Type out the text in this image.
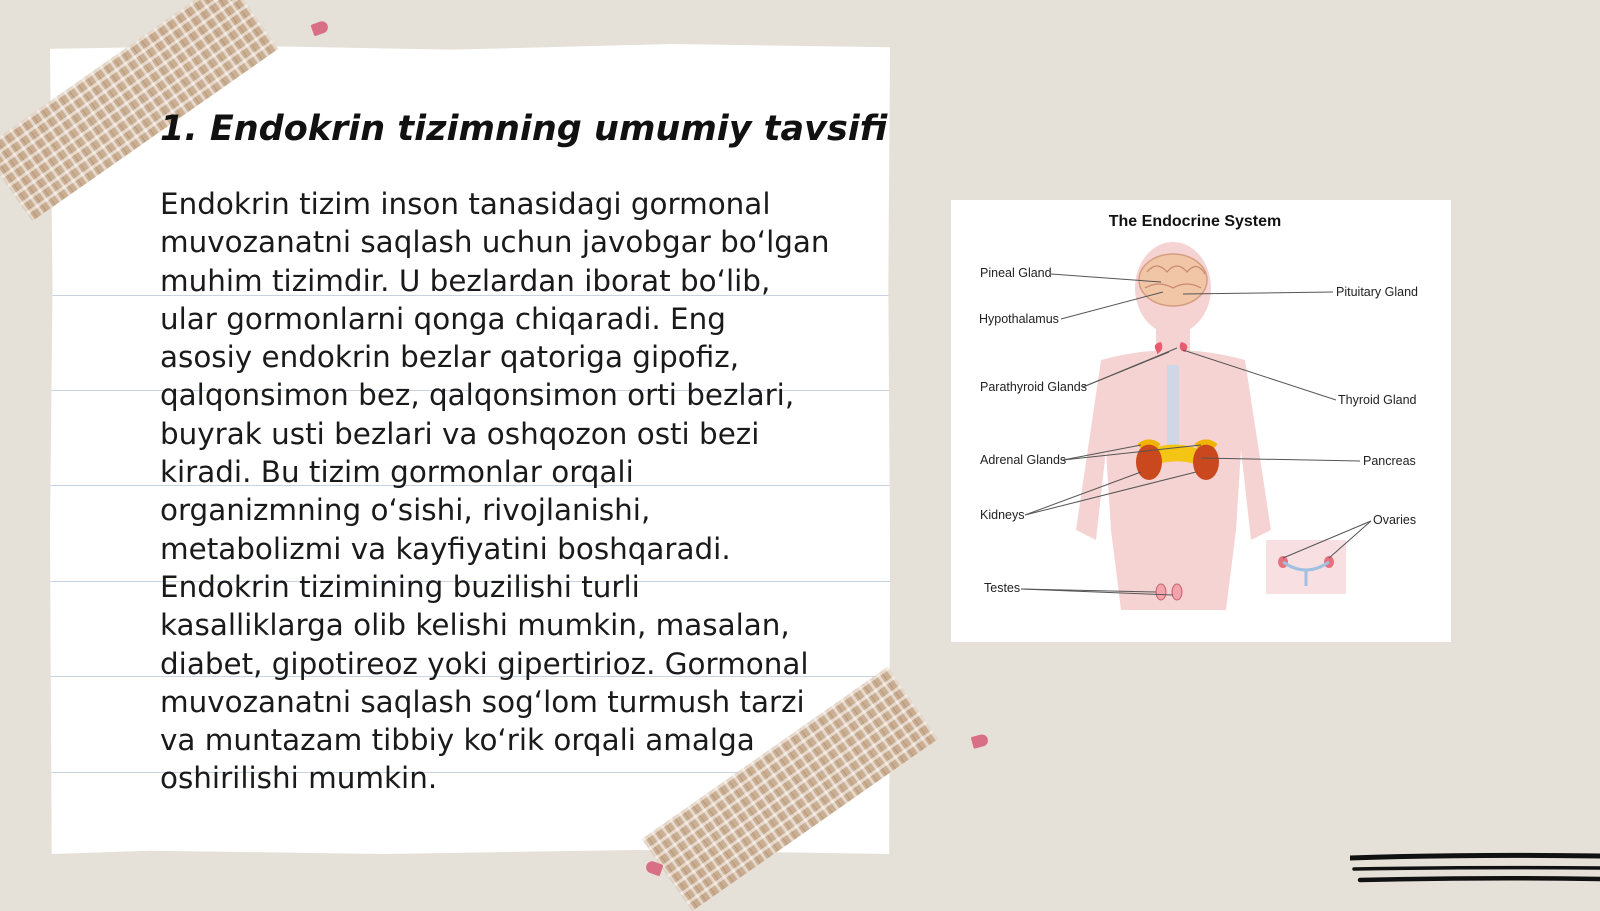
1. Endokrin tizimning umumiy tavsifi

Endokrin tizim inson tanasidagi gormonal
muvozanatni saqlash uchun javobgar bo‘lgan
muhim tizimdir. U bezlardan iborat bo‘lib,
ular gormonlarni qonga chiqaradi. Eng
asosiy endokrin bezlar qatoriga gipofiz,
qalqonsimon bez, qalqonsimon orti bezlari,
buyrak usti bezlari va oshqozon osti bezi
kiradi. Bu tizim gormonlar orqali
organizmning o‘sishi, rivojlanishi,
metabolizmi va kayfiyatini boshqaradi.
Endokrin tizimining buzilishi turli
kasalliklarga olib kelishi mumkin, masalan,
diabet, gipotireoz yoki gipertirioz. Gormonal
muvozanatni saqlash sog‘lom turmush tarzi
va muntazam tibbiy ko‘rik orqali amalga
oshirilishi mumkin.

The Endocrine System
Pineal Gland
Hypothalamus
Pituitary Gland
Parathyroid Glands
Thyroid Gland
Adrenal Glands	Pancreas
Kidneys	Ovaries
Testes
